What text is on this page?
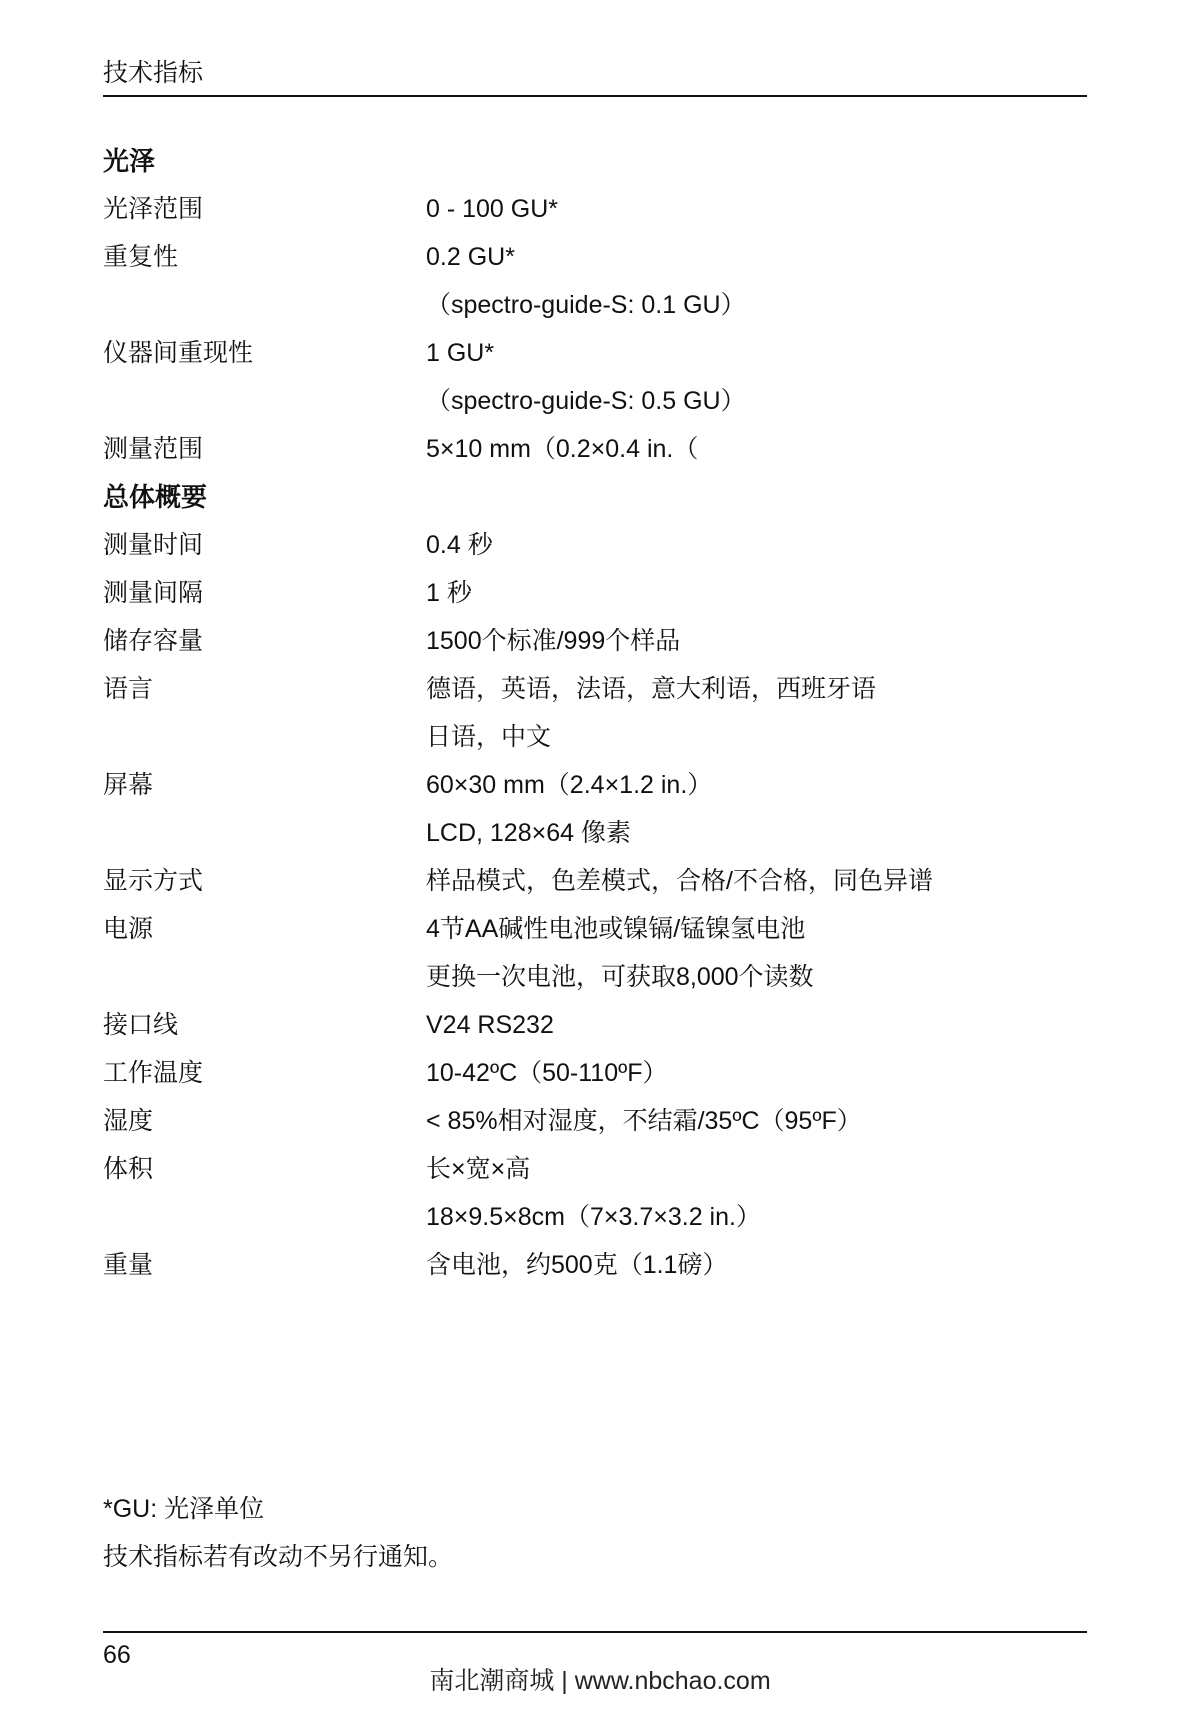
技术指标
光泽
光泽范围	0 - 100 GU*
重复性	0.2 GU*
（spectro-guide-S: 0.1 GU）
仪器间重现性	1 GU*
（spectro-guide-S: 0.5 GU）
测量范围	5×10 mm（0.2×0.4 in.（
总体概要
测量时间	0.4 秒
测量间隔	1 秒
储存容量	1500个标准/999个样品
语言	德语，英语，法语，意大利语，西班牙语
日语，中文
屏幕	60×30 mm（2.4×1.2 in.）
LCD, 128×64 像素
显示方式	样品模式，色差模式，合格/不合格，同色异谱
电源	4节AA碱性电池或镍镉/锰镍氢电池
更换一次电池，可获取8,000个读数
接口线	V24 RS232
工作温度	10-42ºC（50-110ºF）
湿度	< 85%相对湿度，不结霜/35ºC（95ºF）
体积	长×宽×高
18×9.5×8cm（7×3.7×3.2 in.）
重量	含电池，约500克（1.1磅）
*GU: 光泽单位
技术指标若有改动不另行通知。
66
南北潮商城 | www.nbchao.com
